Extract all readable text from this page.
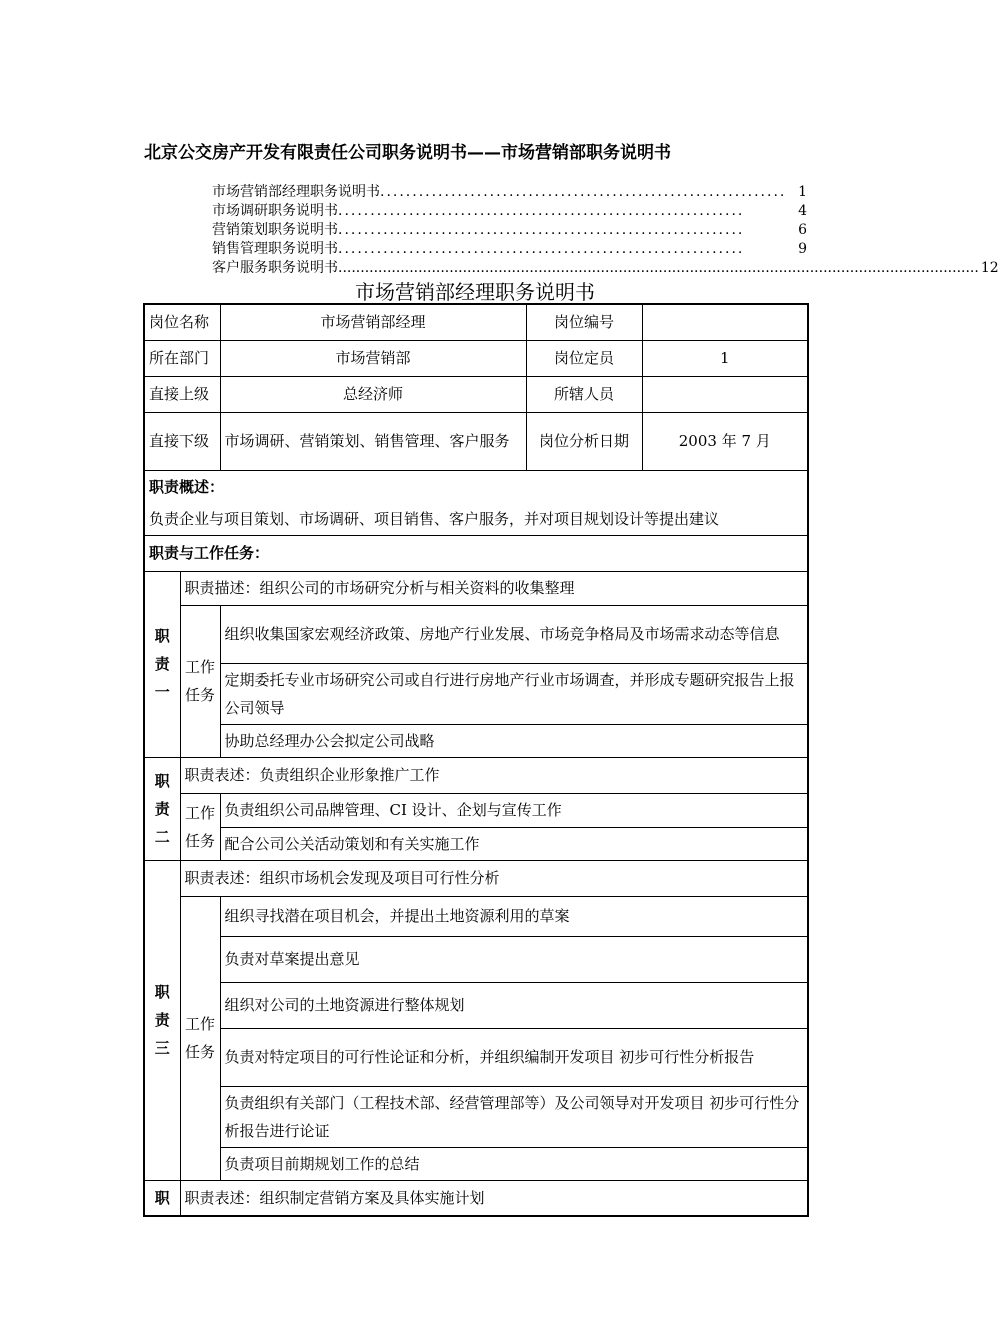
北京公交房产开发有限责任公司职务说明书——市场营销部职务说明书
市场营销部经理职务说明书 ............................................................... 1
市场调研职务说明书 ...............................................................	4
营销策划职务说明书 ...............................................................	6
销售管理职务说明书 ...............................................................	9
客户服务职务说明书 ................................................................................................................................................ 12
市场营销部经理职务说明书
岗位名称		市场营销部经理	岗位编号	
所在部门		市场营销部	岗位定员	1
直接上级		总经济师	所辖人员	
直接下级		市场调研、营销策划、销售管理、客户服务	岗位分析日期	2003 年 7 月
职责概述：				
负责企业与项目策划、市场调研、项目销售、客户服务，并对项目规划设计等提出建议				
职责与工作任务：				

职责一	职责描述：组织公司的市场研究分析与相关资料的收集整理			

	工作任务	组织收集国家宏观经济政策、房地产行业发展、市场竞争格局及市场需求动态等信息		
		定期委托专业市场研究公司或自行进行房地产行业市场调查，并形成专题研究报告上报公司领导		
		协助总经理办公会拟定公司战略		

职责二	职责表述：负责组织企业形象推广工作			

	工作任务	负责组织公司品牌管理、CI 设计、企划与宣传工作		
		配合公司公关活动策划和有关实施工作		

职责三	职责表述：组织市场机会发现及项目可行性分析			

	工作任务	组织寻找潜在项目机会，并提出土地资源利用的草案		
		负责对草案提出意见		
		组织对公司的土地资源进行整体规划		
		负责对特定项目的可行性论证和分析，并组织编制开发项目 初步可行性分析报告		
		负责组织有关部门（工程技术部、经营管理部等）及公司领导对开发项目 初步可行性分析报告进行论证		
		负责项目前期规划工作的总结		
职	职责表述：组织制定营销方案及具体实施计划			
